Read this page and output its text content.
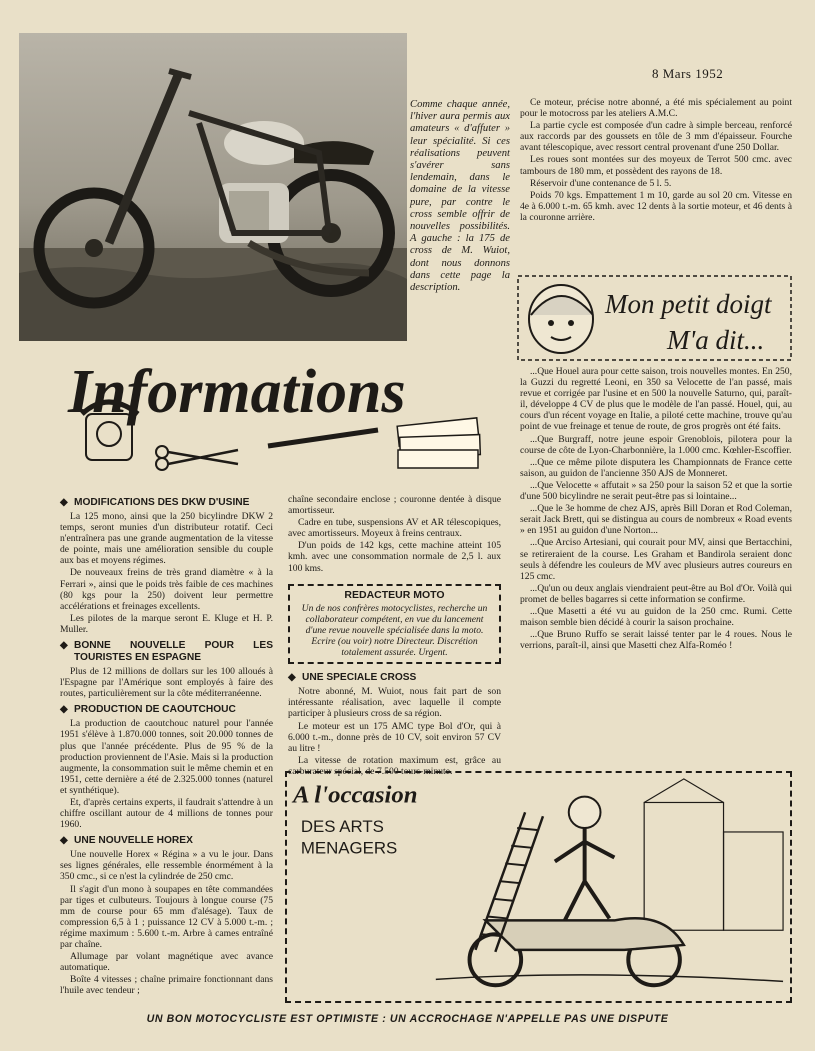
8 Mars 1952
Comme chaque année, l'hiver aura permis aux amateurs « d'affuter » leur spécialité. Si ces réalisations peuvent s'avérer sans lendemain, dans le domaine de la vitesse pure, par contre le cross semble offrir de nouvelles possibilités. A gauche : la 175 de cross de M. Wuiot, dont nous donnons dans cette page la description.
Informations
◆ MODIFICATIONS DES DKW D'USINE

La 125 mono, ainsi que la 250 bicylindre DKW 2 temps, seront munies d'un distributeur rotatif. Ceci n'entraînera pas une grande augmentation de la vitesse de pointe, mais une amélioration sensible du couple aux bas et moyens régimes.

De nouveaux freins de très grand diamètre « à la Ferrari », ainsi que le poids très faible de ces machines (80 kgs pour la 250) doivent leur permettre accélérations et freinages excellents.

Les pilotes de la marque seront E. Kluge et H. P. Muller.

◆ BONNE NOUVELLE POUR LES TOURISTES EN ESPAGNE

Plus de 12 millions de dollars sur les 100 alloués à l'Espagne par l'Amérique sont employés à faire des routes, particulièrement sur la côte méditerranéenne.

◆ PRODUCTION DE CAOUTCHOUC

La production de caoutchouc naturel pour l'année 1951 s'élève à 1.870.000 tonnes, soit 20.000 tonnes de plus que l'année précédente. Plus de 95 % de la production proviennent de l'Asie. Mais si la production augmente, la consommation suit le même chemin et en 1951, cette dernière a été de 2.325.000 tonnes (naturel et synthétique).

Et, d'après certains experts, il faudrait s'attendre à un chiffre oscillant autour de 4 millions de tonnes pour 1960.

◆ UNE NOUVELLE HOREX

Une nouvelle Horex « Régina » a vu le jour. Dans ses lignes générales, elle ressemble énormément à la 350 cmc., si ce n'est la cylindrée de 250 cmc.

Il s'agit d'un mono à soupapes en tête commandées par tiges et culbuteurs. Toujours à longue course (75 mm de course pour 65 mm d'alésage). Taux de compression 6,5 à 1 ; puissance 12 CV à 5.000 t.-m. ; régime maximum : 5.600 t.-m. Arbre à cames entraîné par chaîne.

Allumage par volant magnétique avec avance automatique.

Boîte 4 vitesses ; chaîne primaire fonctionnant dans l'huile avec tendeur ;

chaîne secondaire enclose ; couronne dentée à disque amortisseur.

Cadre en tube, suspensions AV et AR télescopiques, avec amortisseurs. Moyeux à freins centraux.

D'un poids de 142 kgs, cette machine atteint 105 kmh. avec une consommation normale de 2,5 l. aux 100 kms.

REDACTEUR MOTO
Un de nos confrères motocyclistes, recherche un collaborateur compétent, en vue du lancement d'une revue nouvelle spécialisée dans la moto. Ecrire (ou voir) notre Directeur. Discrétion totalement assurée. Urgent.
◆ UNE SPECIALE CROSS

Notre abonné, M. Wuiot, nous fait part de son intéressante réalisation, avec laquelle il compte participer à plusieurs cross de sa région.

Le moteur est un 175 AMC type Bol d'Or, qui à 6.000 t.-m., donne près de 10 CV, soit environ 57 CV au litre !

La vitesse de rotation maximum est, grâce au carburateur spécial, de 7.500 tours-minute.

Ce moteur, précise notre abonné, a été mis spécialement au point pour le motocross par les ateliers A.M.C.

La partie cycle est composée d'un cadre à simple berceau, renforcé aux raccords par des goussets en tôle de 3 mm d'épaisseur. Fourche avant télescopique, avec ressort central provenant d'une 250 Dollar.

Les roues sont montées sur des moyeux de Terrot 500 cmc. avec tambours de 180 mm, et possèdent des rayons de 18.

Réservoir d'une contenance de 5 l. 5.

Poids 70 kgs. Empattement 1 m 10, garde au sol 20 cm. Vitesse en 4e à 6.000 t.-m. 65 kmh. avec 12 dents à la sortie moteur, et 46 dents à la couronne arrière.

Mon petit doigt
M'a dit...

...Que Houel aura pour cette saison, trois nouvelles montes. En 250, la Guzzi du regretté Leoni, en 350 sa Velocette de l'an passé, mais revue et corrigée par l'usine et en 500 la nouvelle Saturno, qui, paraît-il, développe 4 CV de plus que le modèle de l'an passé. Houel, qui, au cours d'un récent voyage en Italie, a piloté cette machine, trouve qu'au point de vue freinage et tenue de route, de gros progrès ont été faits.

...Que Burgraff, notre jeune espoir Grenoblois, pilotera pour la course de côte de Lyon-Charbonnière, la 1.000 cmc. Kœhler-Escoffier.

...Que ce même pilote disputera les Championnats de France cette saison, au guidon de l'ancienne 350 AJS de Monneret.

...Que Velocette « affutait » sa 250 pour la saison 52 et que la sortie d'une 500 bicylindre ne serait peut-être pas si lointaine...

...Que le 3e homme de chez AJS, après Bill Doran et Rod Coleman, serait Jack Brett, qui se distingua au cours de nombreux « Road events » en 1951 au guidon d'une Norton...

...Que Arciso Artesiani, qui courait pour MV, ainsi que Bertacchini, se retireraient de la course. Les Graham et Bandirola seraient donc seuls à défendre les couleurs de MV avec plusieurs autres coureurs en 125 cmc.

...Qu'un ou deux anglais viendraient peut-être au Bol d'Or. Voilà qui promet de belles bagarres si cette information se confirme.

...Que Masetti a été vu au guidon de la 250 cmc. Rumi. Cette maison semble bien décidé à courir la saison prochaine.

...Que Bruno Ruffo se serait laissé tenter par le 4 roues. Nous le verrions, paraît-il, ainsi que Masetti chez Alfa-Roméo !

A l'occasion
DES ARTS
MENAGERS
UN BON MOTOCYCLISTE EST OPTIMISTE : UN ACCROCHAGE N'APPELLE PAS UNE DISPUTE
